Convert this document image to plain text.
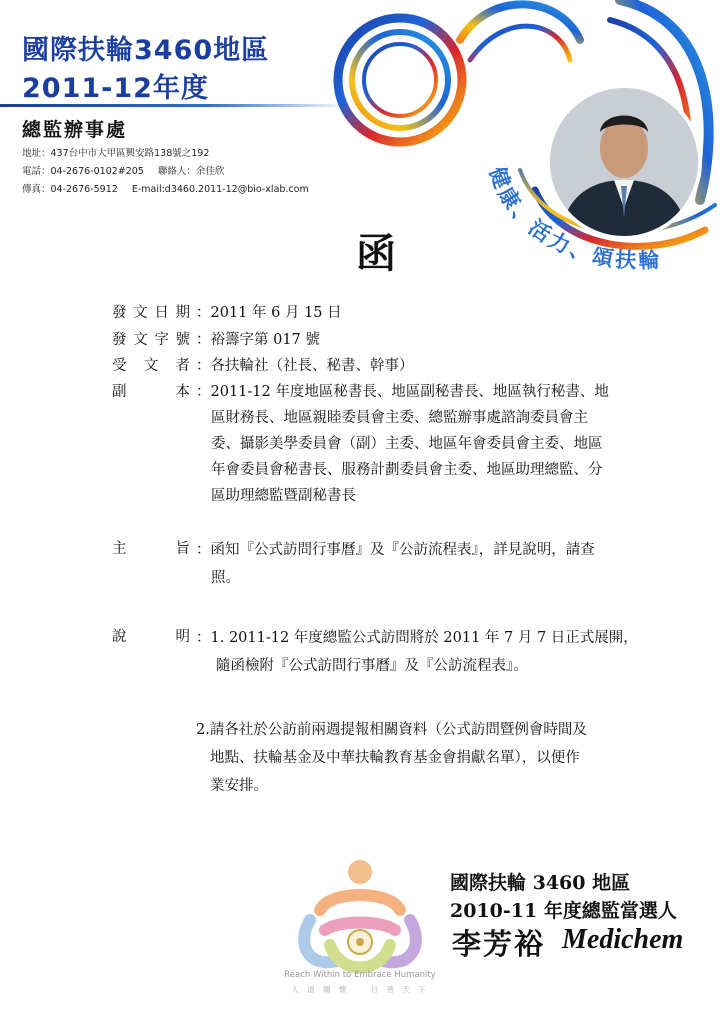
國際扶輪3460地區
2011-12年度
總監辦事處
地址：437台中市大甲區興安路138號之192
電話：04-2676-0102#205 聯絡人：余佳欣
傳真：04-2676-5912 E-mail:d3460.2011-12@bio-xlab.com	健康、活力、頌扶輪
函
發文日期 ：2011 年 6 月 15 日
發文字號 ：裕籌字第 017 號
受 文 者 ：各扶輪社（社長、秘書、幹事）
副　　本 ：2011-12 年度地區秘書長、地區副秘書長、地區執行秘書、地
區財務長、地區親睦委員會主委、總監辦事處諮詢委員會主
委、攝影美學委員會（副）主委、地區年會委員會主委、地區
年會委員會秘書長、服務計劃委員會主委、地區助理總監、分
區助理總監暨副秘書長
主　　旨 ：函知『公式訪問行事曆』及『公訪流程表』，詳見說明，請查
照。
說　　明 ：1. 2011-12 年度總監公式訪問將於 2011 年 7 月 7 日正式展開，
隨函檢附『公式訪問行事曆』及『公訪流程表』。
2.請各社於公訪前兩週提報相關資料（公式訪問暨例會時間及
地點、扶輪基金及中華扶輪教育基金會捐獻名單），以便作
業安排。
Reach Within to Embrace Humanity
人 道 關 懷 　 行 善 天 下
國際扶輪 3460 地區
2010-11 年度總監當選人
李芳裕 Medichem
